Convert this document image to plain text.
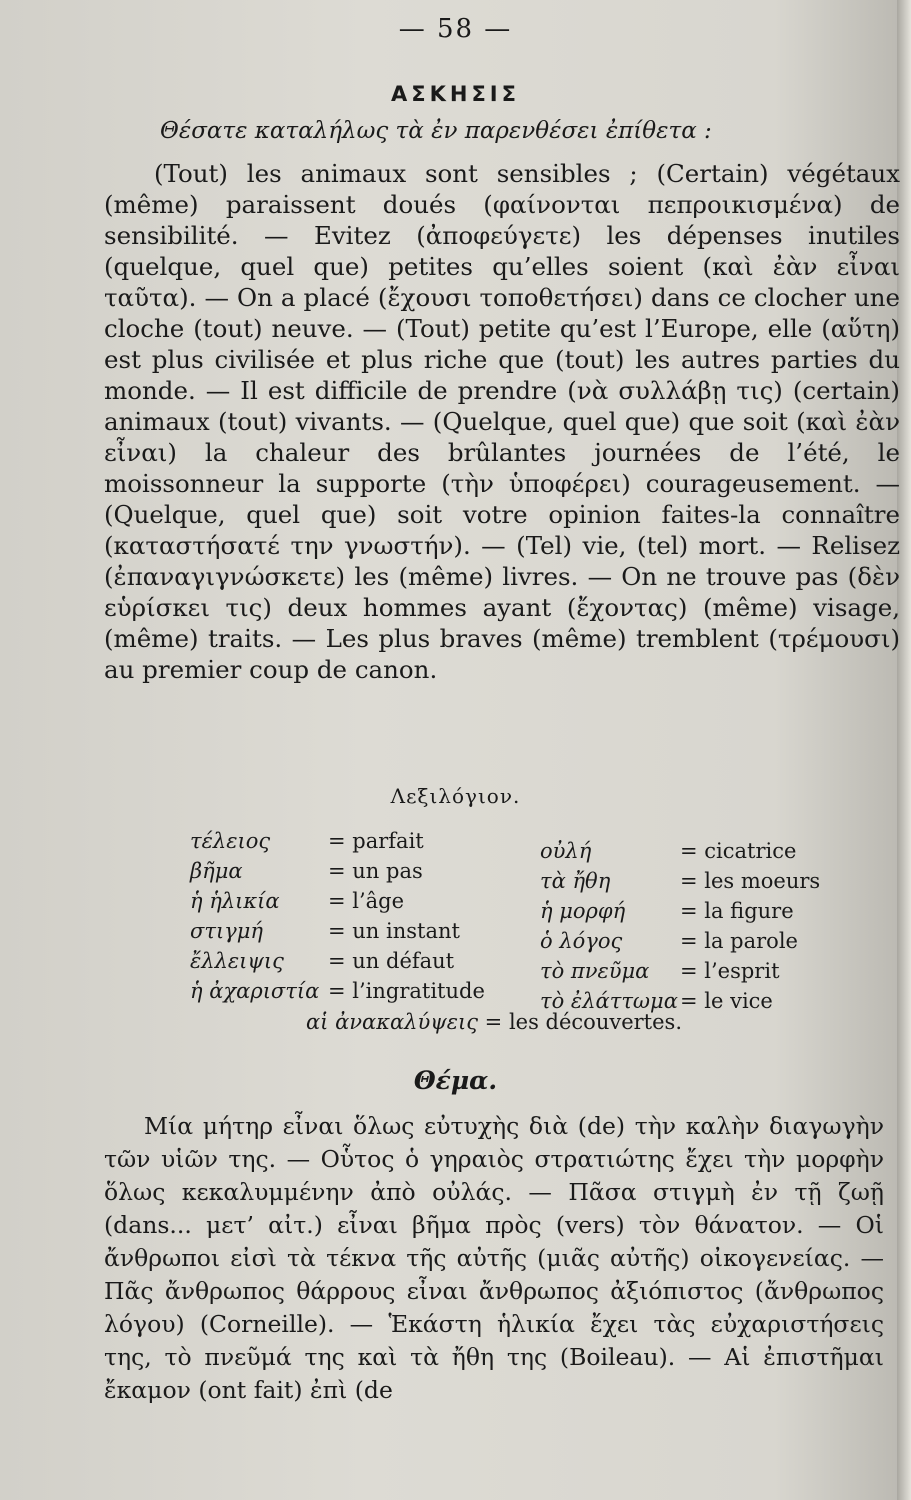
— 58 —
ΑΣΚΗΣΙΣ
Θέσατε καταλήλως τὰ ἐν παρενθέσει ἐπίθετα :
(Tout) les animaux sont sensibles ; (Certain) végétaux (même) paraissent doués (φαίνονται πεπροικισμένα) de sensibilité. — Evitez (ἀποφεύγετε) les dépenses inutiles (quelque, quel que) petites qu’elles soient (καὶ ἐὰν εἶναι ταῦτα). — On a placé (ἔχουσι τοποθετήσει) dans ce clocher une cloche (tout) neuve. — (Tout) petite qu’est l’Europe, elle (αὕτη) est plus civilisée et plus riche que (tout) les autres parties du monde. — Il est difficile de prendre (νὰ συλλάβῃ τις) (certain) animaux (tout) vivants. — (Quelque, quel que) que soit (καὶ ἐὰν εἶναι) la chaleur des brûlantes journées de l’été, le moissonneur la supporte (τὴν ὑποφέρει) courageusement. — (Quelque, quel que) soit votre opinion faites-la connaître (καταστήσατέ την γνωστήν). — (Tel) vie, (tel) mort. — Relisez (ἐπαναγιγνώσκετε) les (même) livres. — On ne trouve pas (δὲν εὑρίσκει τις) deux hommes ayant (ἔχοντας) (même) visage, (même) traits. — Les plus braves (même) tremblent (τρέμουσι) au premier coup de canon.
Λεξιλόγιον.
τέλειος	= parfait
βῆμα	= un pas
ἡ ἡλικία = l’âge
στιγμή	= un instant
ἔλλειψις = un défaut
ἡ ἀχαριστία = l’ingratitude
οὐλή	= cicatrice
τὰ ἤθη	= les moeurs
ἡ μορφή	= la figure
ὁ λόγος	= la parole
τὸ πνεῦμα = l’esprit
τὸ ἐλάττωμα = le vice
αἱ ἀνακαλύψεις = les découvertes.
Θέμα.
Μία μήτηρ εἶναι ὅλως εὐτυχὴς διὰ (de) τὴν καλὴν διαγωγὴν τῶν υἱῶν της. — Οὗτος ὁ γηραιὸς στρατιώτης ἔχει τὴν μορφὴν ὅλως κεκαλυμμένην ἀπὸ οὐλάς. — Πᾶσα στιγμὴ ἐν τῇ ζωῇ (dans... μετ’ αἰτ.) εἶναι βῆμα πρὸς (vers) τὸν θάνατον. — Οἱ ἄνθρωποι εἰσὶ τὰ τέκνα τῆς αὐτῆς (μιᾶς αὐτῆς) οἰκογενείας. — Πᾶς ἄνθρωπος θάρρους εἶναι ἄνθρωπος ἀξιόπιστος (ἄνθρωπος λόγου) (Corneille). — Ἑκάστη ἡλικία ἔχει τὰς εὐχαριστήσεις της, τὸ πνεῦμά της καὶ τὰ ἤθη της (Boileau). — Αἱ ἐπιστῆμαι ἔκαμον (ont fait) ἐπὶ (de
